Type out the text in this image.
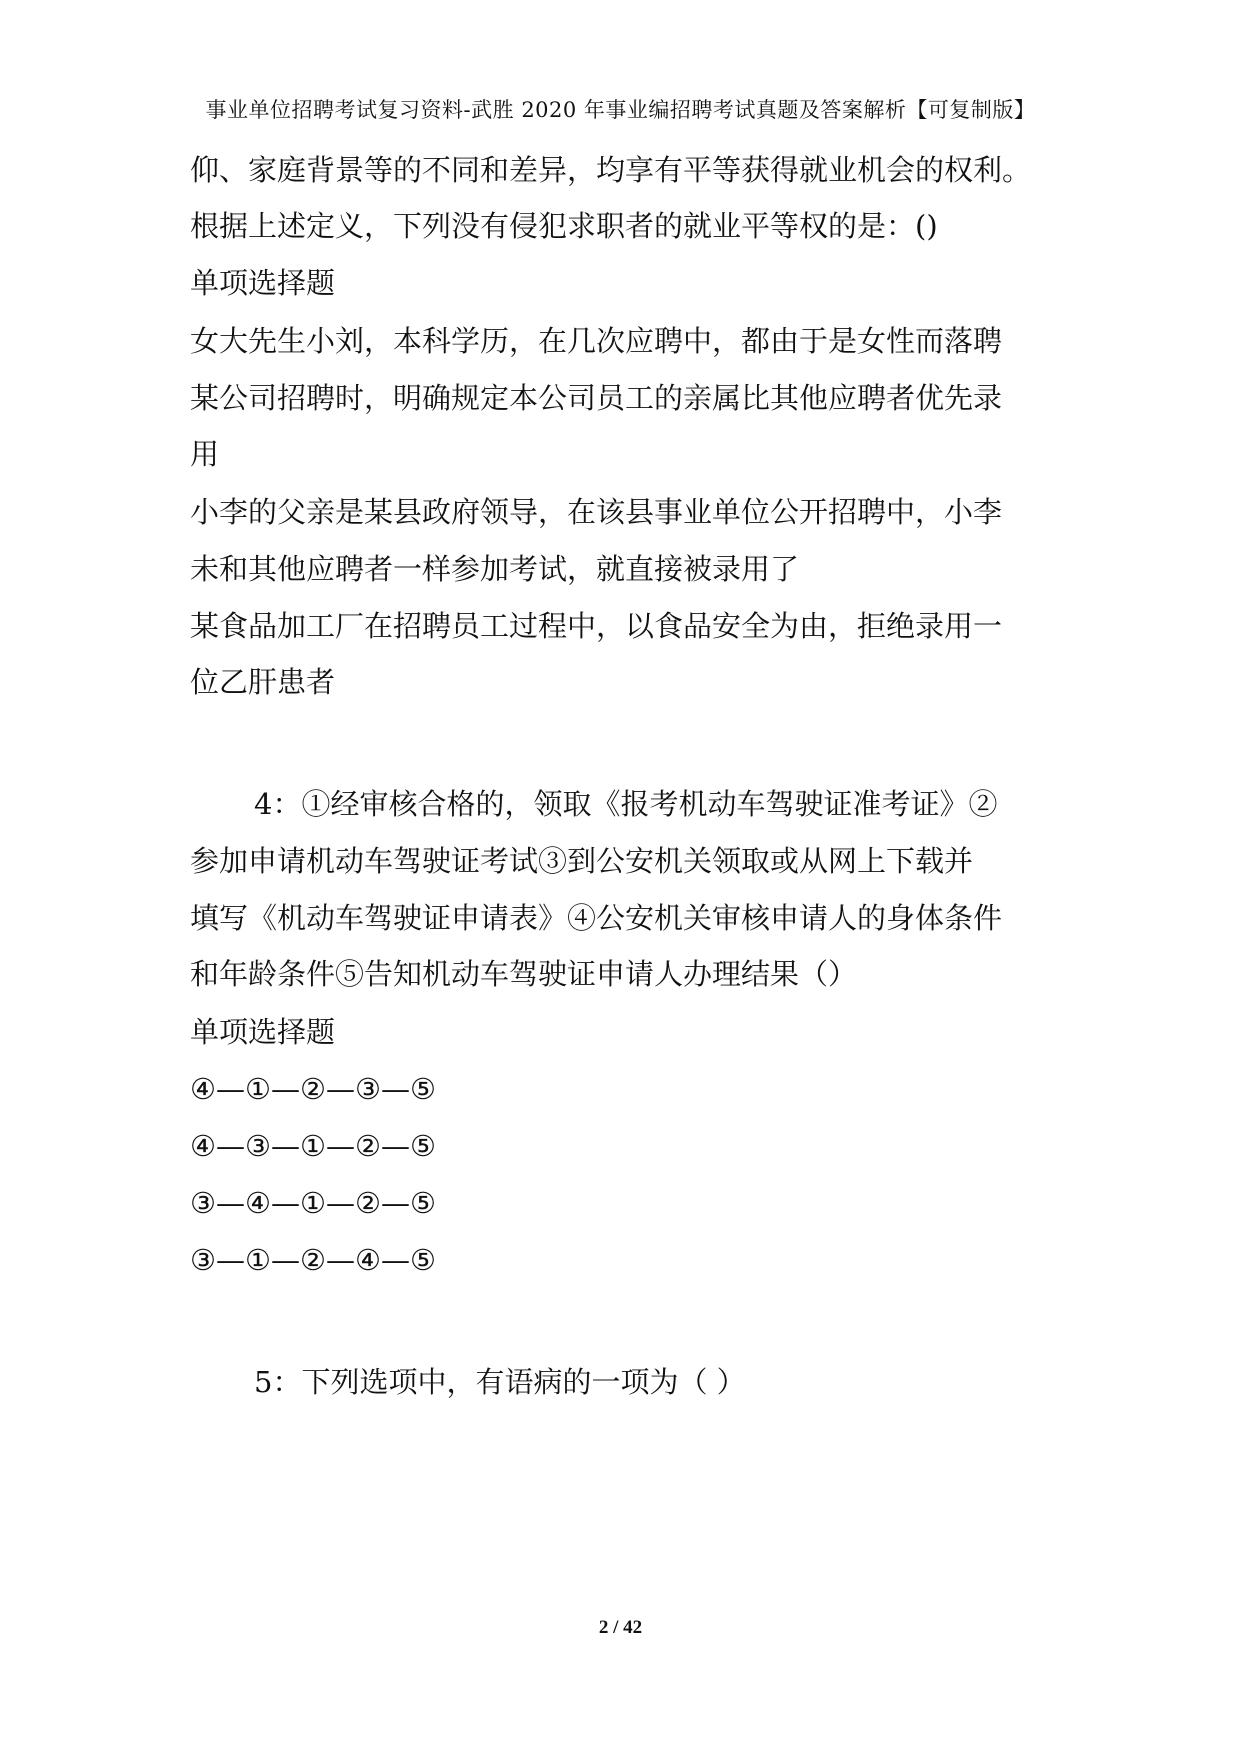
事业单位招聘考试复习资料-武胜 2020 年事业编招聘考试真题及答案解析【可复制版】
仰、家庭背景等的不同和差异，均享有平等获得就业机会的权利。
根据上述定义，下列没有侵犯求职者的就业平等权的是：()
单项选择题
女大先生小刘，本科学历，在几次应聘中，都由于是女性而落聘
某公司招聘时，明确规定本公司员工的亲属比其他应聘者优先录
用
小李的父亲是某县政府领导，在该县事业单位公开招聘中，小李
未和其他应聘者一样参加考试，就直接被录用了
某食品加工厂在招聘员工过程中，以食品安全为由，拒绝录用一
位乙肝患者
4：①经审核合格的，领取《报考机动车驾驶证准考证》②
参加申请机动车驾驶证考试③到公安机关领取或从网上下载并
填写《机动车驾驶证申请表》④公安机关审核申请人的身体条件
和年龄条件⑤告知机动车驾驶证申请人办理结果（）
单项选择题
④—①—②—③—⑤
④—③—①—②—⑤
③—④—①—②—⑤
③—①—②—④—⑤
5：下列选项中，有语病的一项为（ ）
2 / 42
